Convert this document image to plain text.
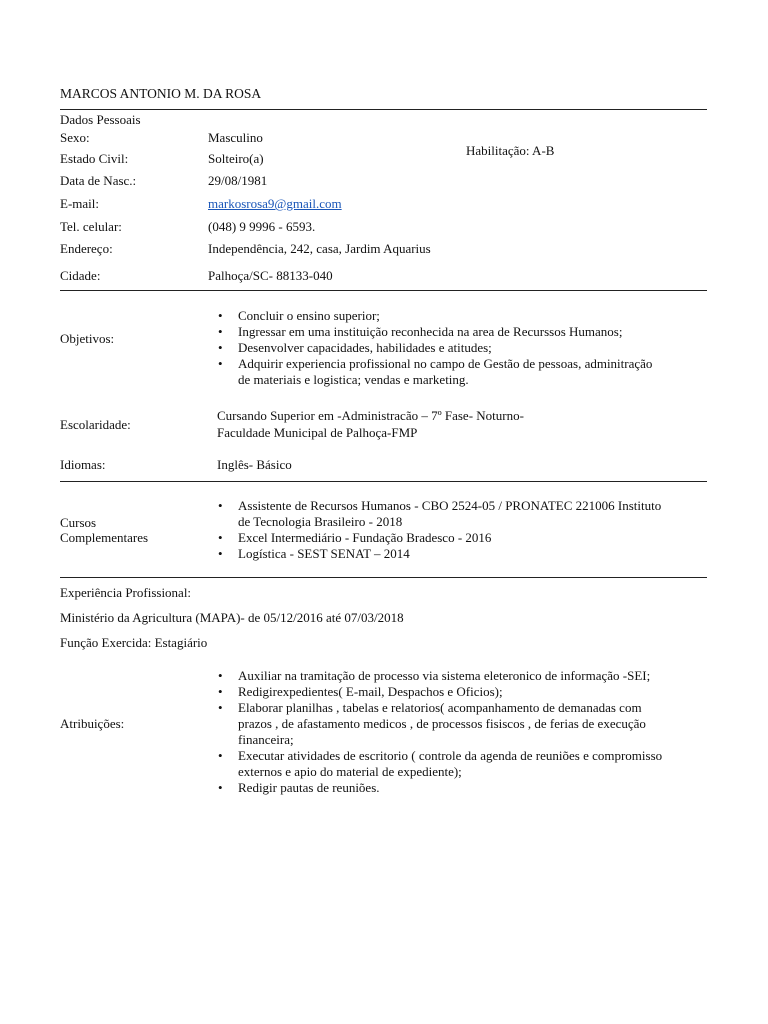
MARCOS ANTONIO M. DA ROSA
Dados Pessoais
Sexo:	Masculino
Estado Civil:	Solteiro(a)
Habilitação: A-B
Data de Nasc.:	29/08/1981
E-mail:	markosrosa9@gmail.com
Tel. celular:	(048) 9 9996 - 6593.
Endereço:	Independência, 242, casa, Jardim Aquarius
Cidade:	Palhoça/SC- 88133-040
Objetivos:
• Concluir o ensino superior;
• Ingressar em uma instituição reconhecida na area de Recurssos Humanos;
• Desenvolver capacidades, habilidades e atitudes;
• Adquirir experiencia profissional no campo de Gestão de pessoas, adminitração
de materiais e logistica; vendas e marketing.
Escolaridade:
Cursando Superior em -Administracão – 7º Fase- Noturno-
Faculdade Municipal de Palhoça-FMP
Idiomas:	Inglês- Básico
Cursos
Complementares
• Assistente de Recursos Humanos - CBO 2524-05 / PRONATEC 221006 Instituto
de Tecnologia Brasileiro - 2018
• Excel Intermediário - Fundação Bradesco - 2016
• Logística - SEST SENAT – 2014
Experiência Profissional:
Ministério da Agricultura (MAPA)- de 05/12/2016 até 07/03/2018
Função Exercida: Estagiário
Atribuições:
• Auxiliar na tramitação de processo via sistema eleteronico de informação -SEI;
• Redigirexpedientes( E-mail, Despachos e Oficios);
• Elaborar planilhas , tabelas e relatorios( acompanhamento de demanadas com
prazos , de afastamento medicos , de processos fisiscos , de ferias de execução
financeira;
• Executar atividades de escritorio ( controle da agenda de reuniões e compromisso
externos e apio do material de expediente);
• Redigir pautas de reuniões.
